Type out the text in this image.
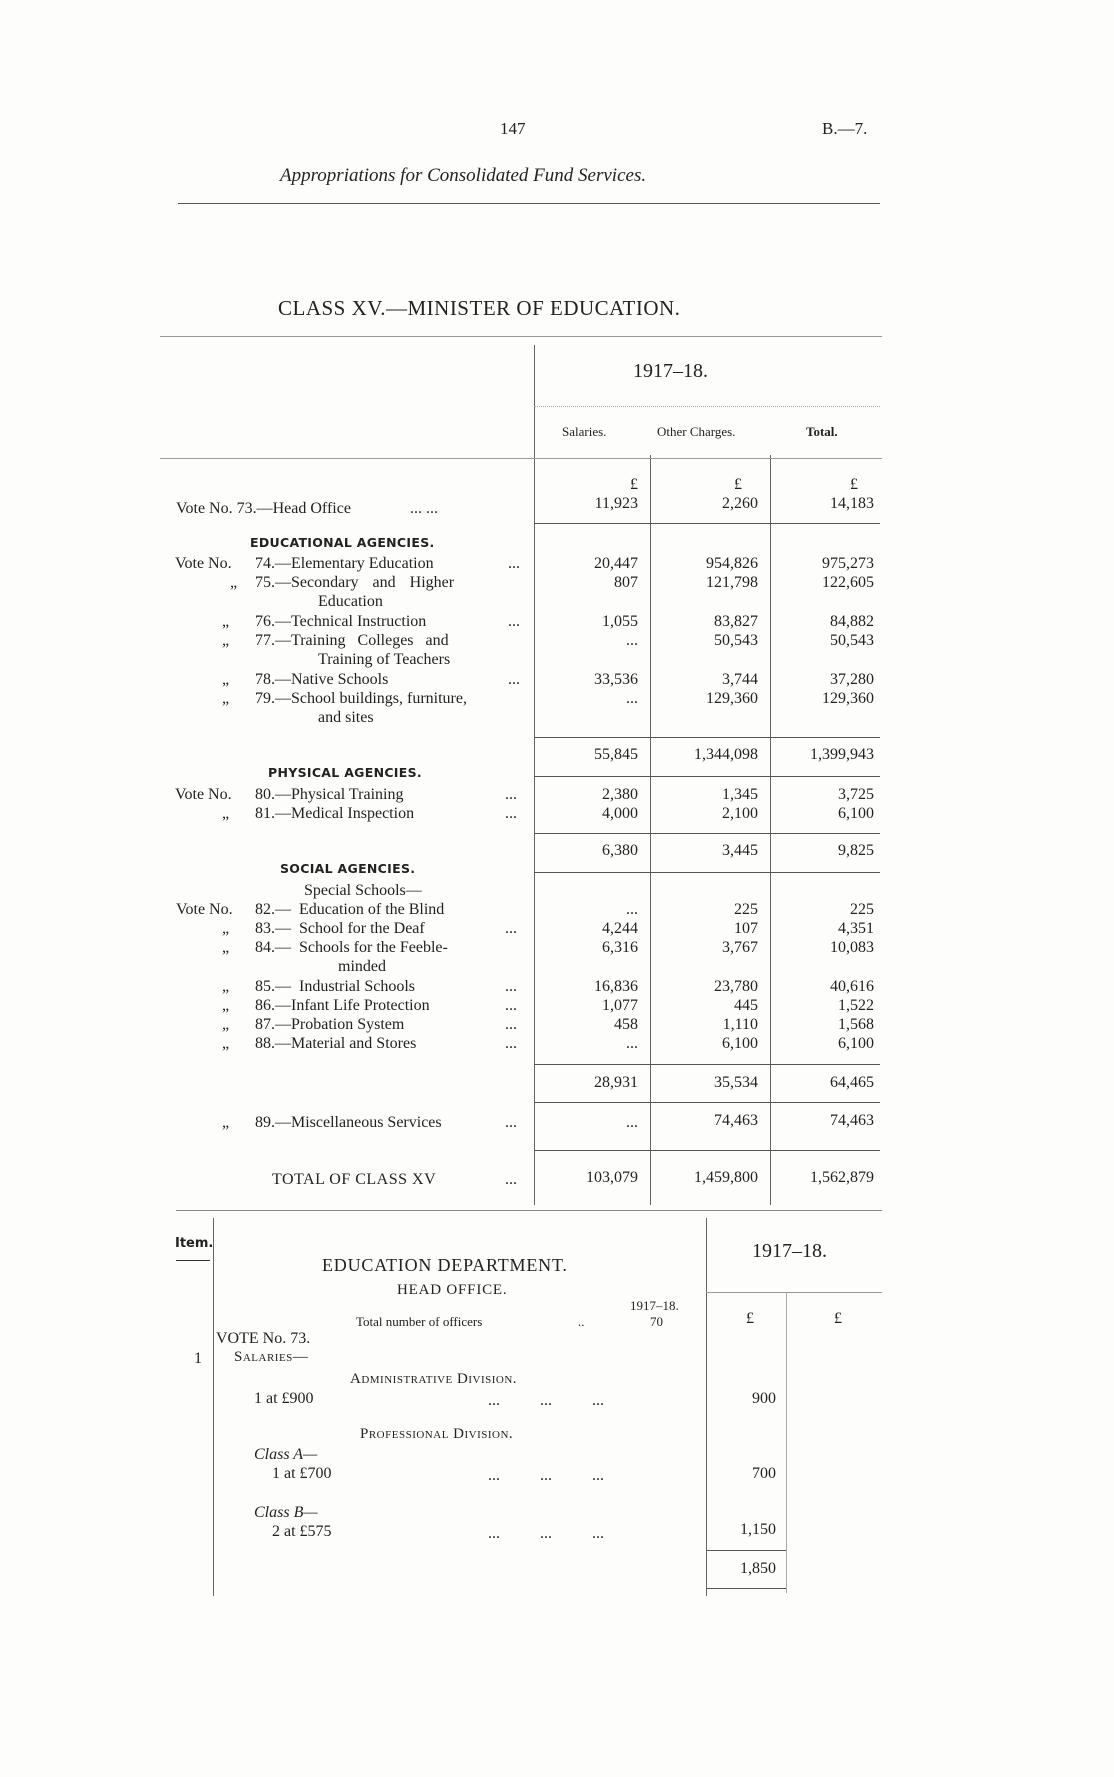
147	B.—7.
Appropriations for Consolidated Fund Services.
CLASS XV.—MINISTER OF EDUCATION.
1917–18.
Salaries.	Other Charges.	Total.
£	£	£
Vote No. 73.—Head Office	... ...	11,923	2,260	14,183
EDUCATIONAL AGENCIES.
Vote No. 74.—Elementary Education	...	20,447	954,826	975,273
„ 75.—Secondary and Higher
Education
807	121,798	122,605
„ 76.—Technical Instruction	...	1,055	83,827	84,882
„ 77.—Training Colleges and
Training of Teachers
...	50,543	50,543
„ 78.—Native Schools	...	33,536	3,744	37,280
„ 79.—School buildings, furniture,
and sites
...	129,360	129,360
55,845	1,344,098	1,399,943
PHYSICAL AGENCIES.
Vote No. 80.—Physical Training	...	2,380	1,345	3,725
„ 81.—Medical Inspection	...	4,000	2,100	6,100
6,380	3,445	9,825
SOCIAL AGENCIES.
Special Schools—
Vote No. 82.—  Education of the Blind	...	225	225
„ 83.—  School for the Deaf	...	4,244	107	4,351
„ 84.—  Schools for the Feeble-
minded
6,316	3,767	10,083
„ 85.—  Industrial Schools	...	16,836	23,780	40,616
„ 86.—Infant Life Protection	...	1,077	445	1,522
„ 87.—Probation System	...	458	1,110	1,568
„ 88.—Material and Stores	...	...	6,100	6,100
28,931	35,534	64,465
„ 89.—Miscellaneous Services	...	...	74,463	74,463
TOTAL OF CLASS XV	...	103,079	1,459,800	1,562,879
Item.
EDUCATION DEPARTMENT.
1917–18.
HEAD OFFICE.
Total number of officers	..
1917–18.
70	£	£
VOTE No. 73.
1 Salaries—
Administrative Division.
1 at £900	...          ...          ...	900
Professional Division.
Class A—
1 at £700	...          ...          ...	700
Class B—
2 at £575	...          ...          ...	1,150
1,850
